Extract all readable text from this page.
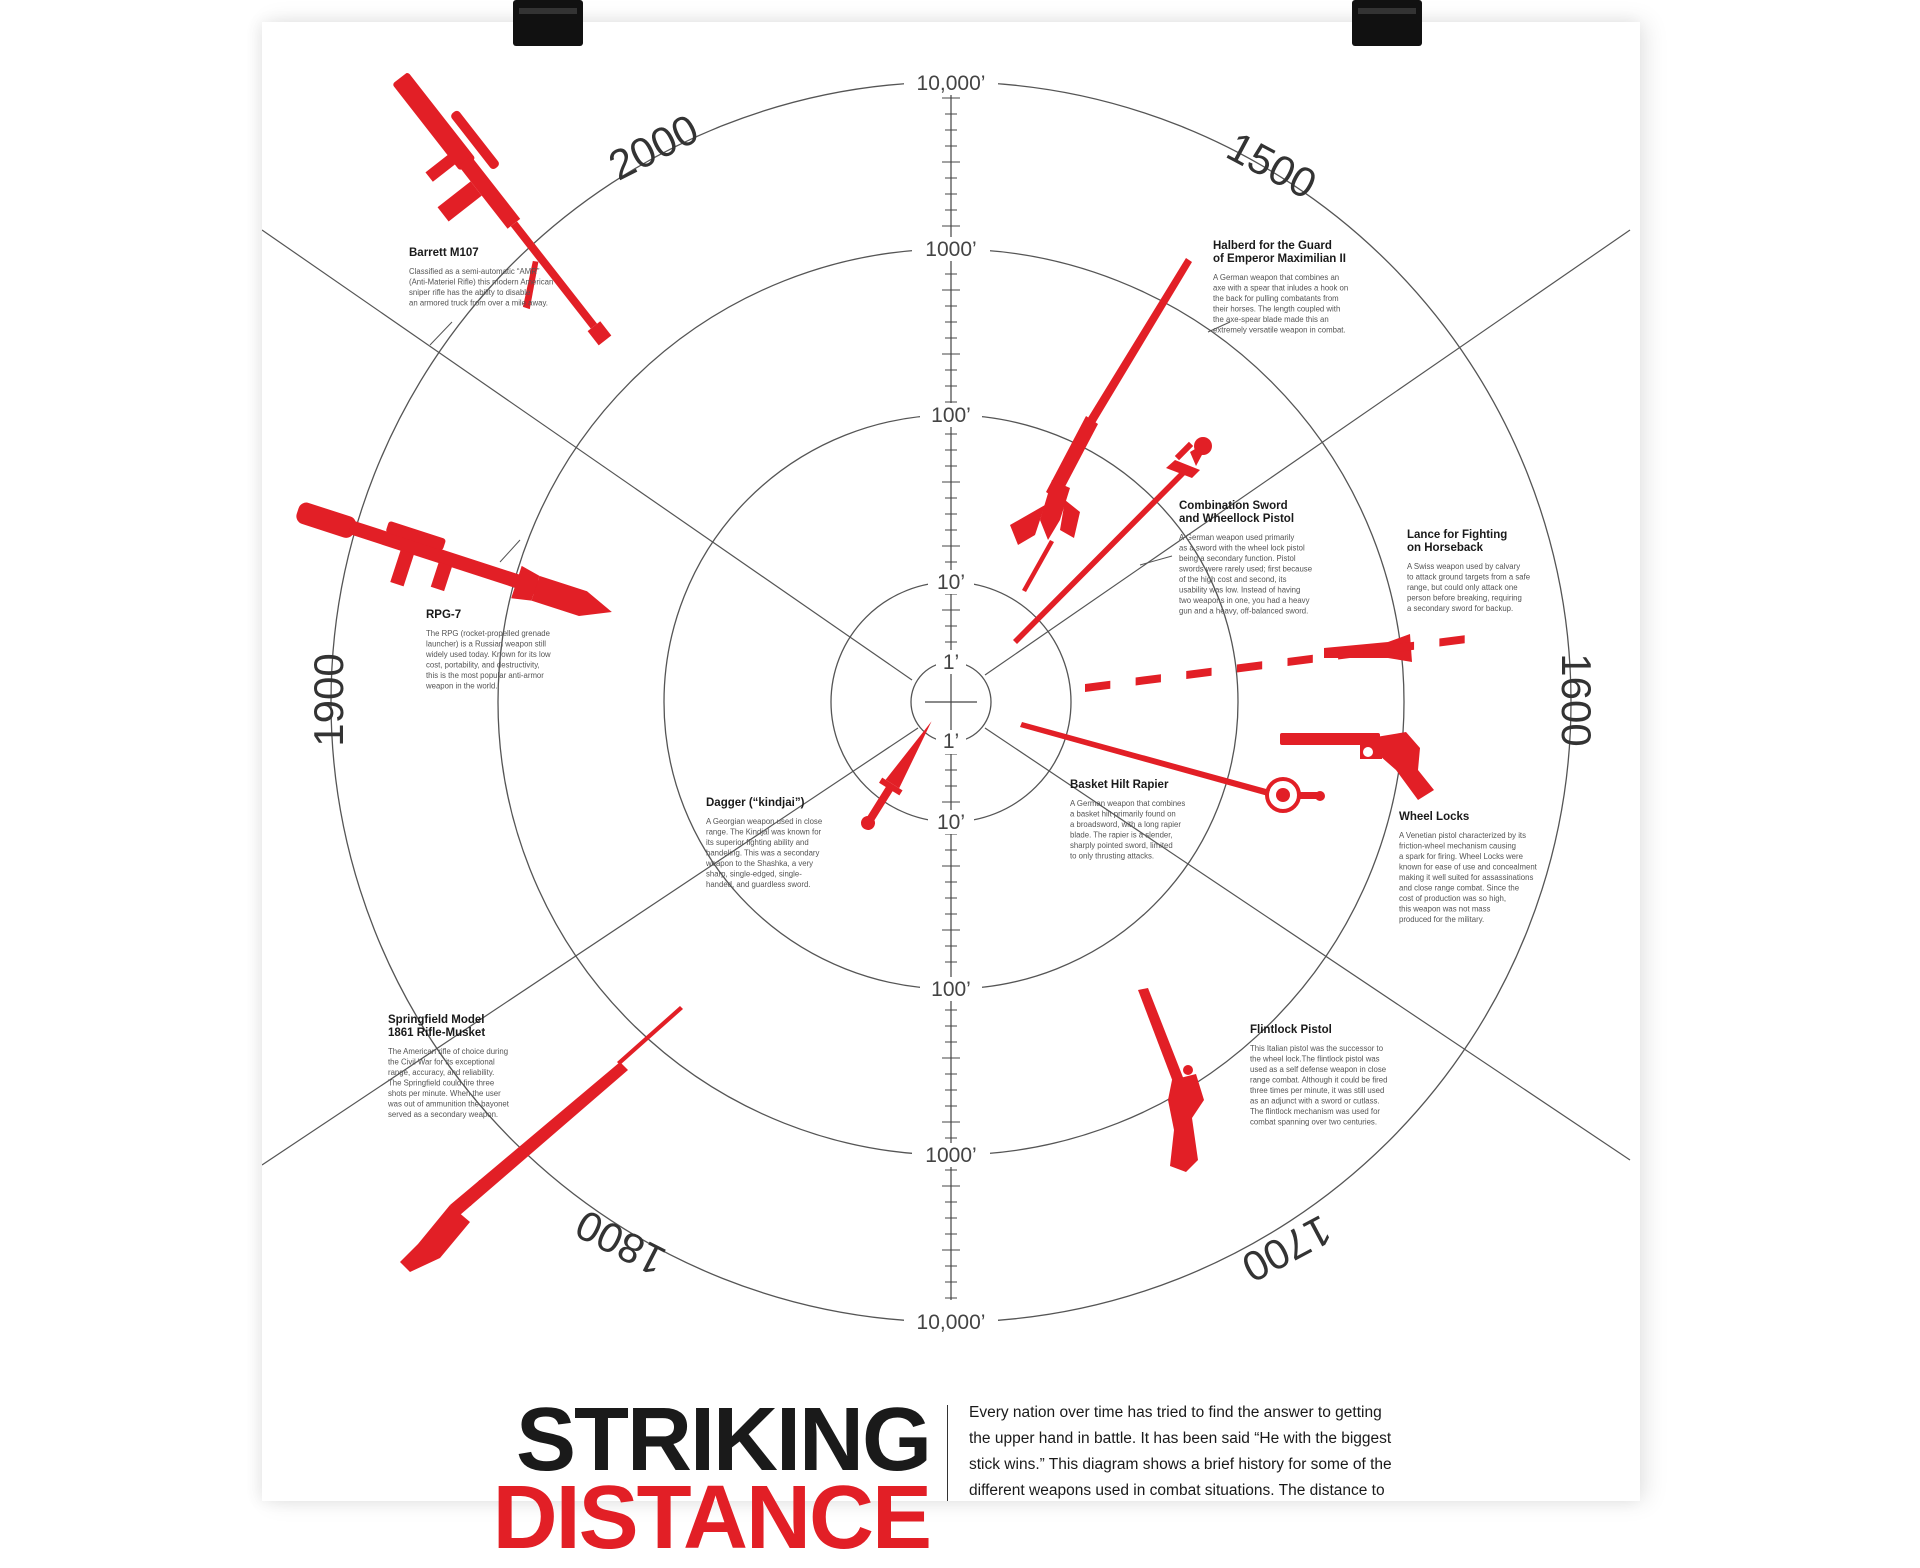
10,000’
1000’
100’
10’
1’
1’
10’
100’
1000’
10,000’
2000	1500
1600
1700
1800
1900
Barrett M107
Classified as a semi-automatic “AMR”
(Anti-Materiel Rifle) this modern American
sniper rifle has the ability to disable
an armored truck from over a mile away.
Halberd for the Guard
of Emperor Maximilian II
A German weapon that combines an
axe with a spear that inludes a hook on
the back for pulling combatants from
their horses. The length coupled with
the axe-spear blade made this an
extremely versatile weapon in combat.
Combination Sword
and Wheellock Pistol
A German weapon used primarily
as a sword with the wheel lock pistol
being a secondary function. Pistol
swords were rarely used; first because
of the high cost and second, its
usability was low. Instead of having
two weapons in one, you had a heavy
gun and a heavy, off-balanced sword.
Lance for Fighting
on Horseback
A Swiss weapon used by calvary
to attack ground targets from a safe
range, but could only attack one
person before breaking, requiring
a secondary sword for backup.
RPG-7
The RPG (rocket-propelled grenade
launcher) is a Russian weapon still
widely used today. Known for its low
cost, portability, and destructivity,
this is the most popular anti-armor
weapon in the world.
Dagger (“kindjai”)
A Georgian weapon used in close
range. The Kindjal was known for
its superior fighting ability and
handeling. This was a secondary
weapon to the Shashka, a very
sharp, single-edged, single-
handed, and guardless sword.
Basket Hilt Rapier
A German weapon that combines
a basket hilt primarily found on
a broadsword, with a long rapier
blade. The rapier is a slender,
sharply pointed sword, limited
to only thrusting attacks.
Wheel Locks
A Venetian pistol characterized by its
friction-wheel mechanism causing
a spark for firing. Wheel Locks were
known for ease of use and concealment
making it well suited for assassinations
and close range combat. Since the
cost of production was so high,
this weapon was not mass
produced for the military.
Springfield Model
1861 Rifle-Musket
The American rifle of choice during
the Civil War for its exceptional
range, accuracy, and reliability.
The Springfield could fire three
shots per minute. When the user
was out of ammunition the bayonet
served as a secondary weapon.
Flintlock Pistol
This Italian pistol was the successor to
the wheel lock.The flintlock pistol was
used as a self defense weapon in close
range combat. Although it could be fired
three times per minute, it was still used
as an adjunct with a sword or cutlass.
The flintlock mechanism was used for
combat spanning over two centuries.
STRIKING
DISTANCE
Every nation over time has tried to find the answer to getting the upper hand in battle. It has been said “He with the biggest stick wins.” This diagram shows a brief history for some of the different weapons used in combat situations. The distance to
